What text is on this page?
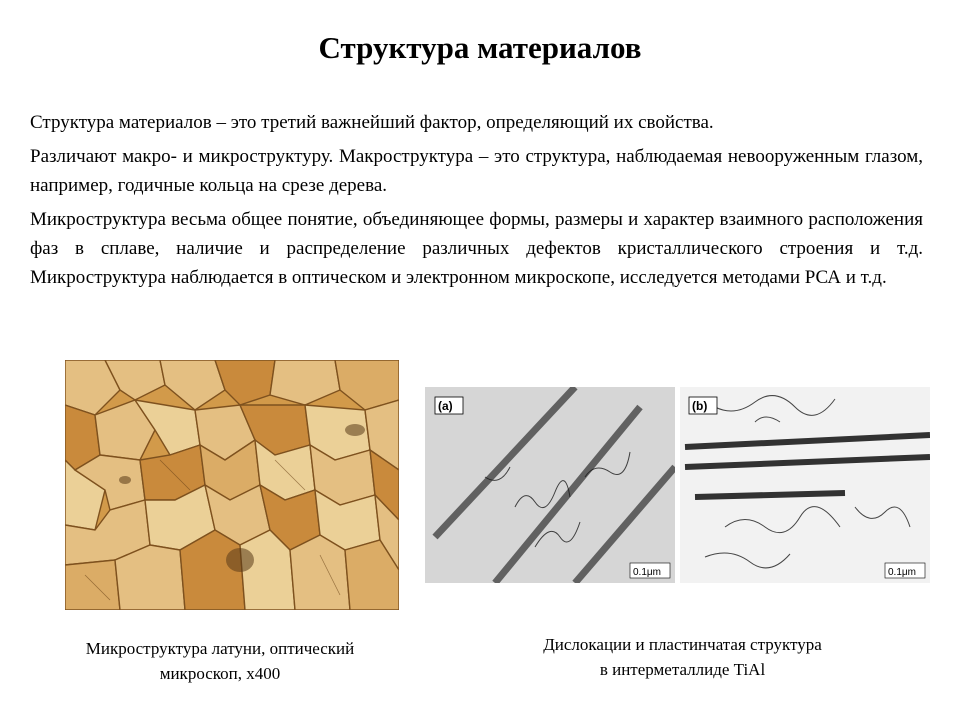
Структура материалов

Структура материалов – это третий важнейший фактор, определяющий их свойства.

Различают макро- и микроструктуру. Макроструктура – это структура, наблюдаемая невооруженным глазом, например, годичные кольца на срезе дерева.

Микроструктура весьма общее понятие, объединяющее формы, размеры и характер взаимного расположения фаз в сплаве, наличие и распределение различных дефектов кристаллического строения и т.д. Микроструктура наблюдается в оптическом и электронном микроскопе, исследуется методами РСА и т.д.

(a)
0.1μm
(b)
0.1μm
Микроструктура латуни, оптический
микроскоп, x400
Дислокации и пластинчатая структура
в интерметаллиде TiAl
